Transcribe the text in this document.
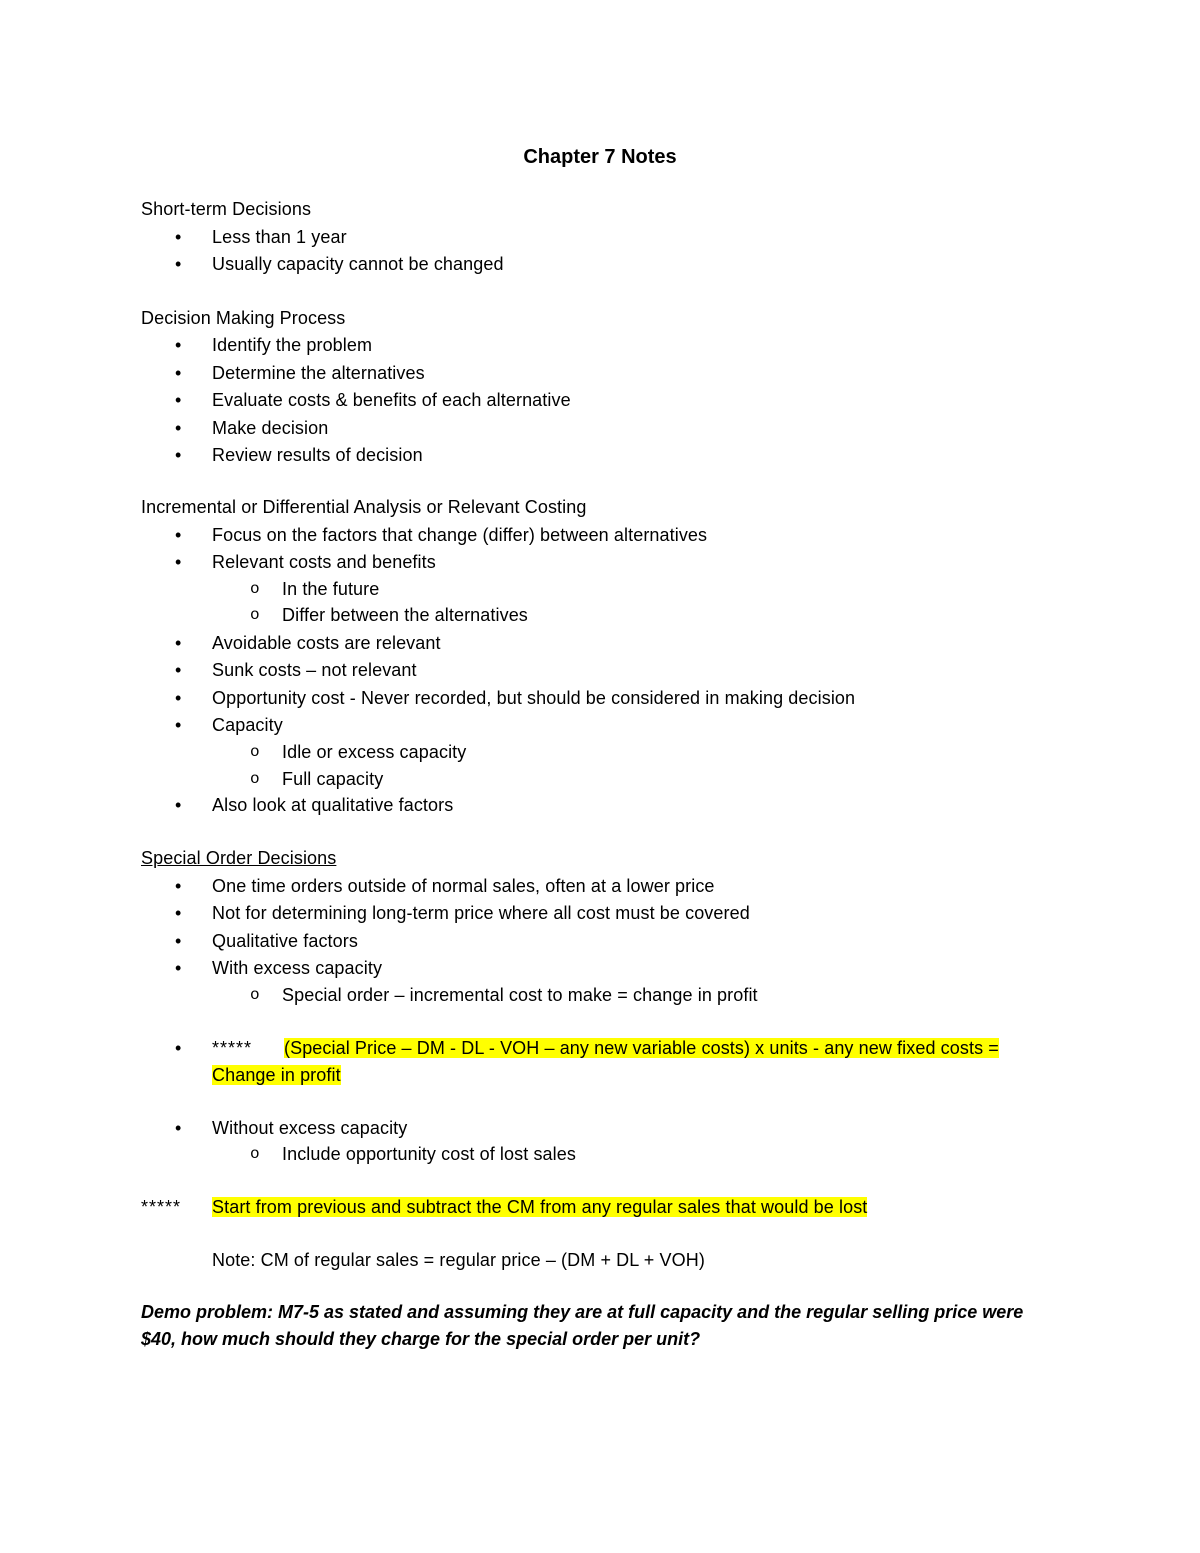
Chapter 7 Notes
Short-term Decisions
• Less than 1 year
• Usually capacity cannot be changed
Decision Making Process
• Identify the problem
• Determine the alternatives
• Evaluate costs & benefits of each alternative
• Make decision
• Review results of decision
Incremental or Differential Analysis or Relevant Costing
• Focus on the factors that change (differ) between alternatives
• Relevant costs and benefits
o In the future
o Differ between the alternatives
• Avoidable costs are relevant
• Sunk costs – not relevant
• Opportunity cost - Never recorded, but should be considered in making decision
• Capacity
o Idle or excess capacity
o Full capacity
• Also look at qualitative factors
Special Order Decisions
• One time orders outside of normal sales, often at a lower price
• Not for determining long-term price where all cost must be covered
• Qualitative factors
• With excess capacity
o Special order – incremental cost to make = change in profit
• ***** (Special Price – DM - DL - VOH – any new variable costs) x units - any new fixed costs =
Change in profit
• Without excess capacity
o Include opportunity cost of lost sales
***** Start from previous and subtract the CM from any regular sales that would be lost
Note: CM of regular sales = regular price – (DM + DL + VOH)
Demo problem: M7-5 as stated and assuming they are at full capacity and the regular selling price were $40, how much should they charge for the special order per unit?
